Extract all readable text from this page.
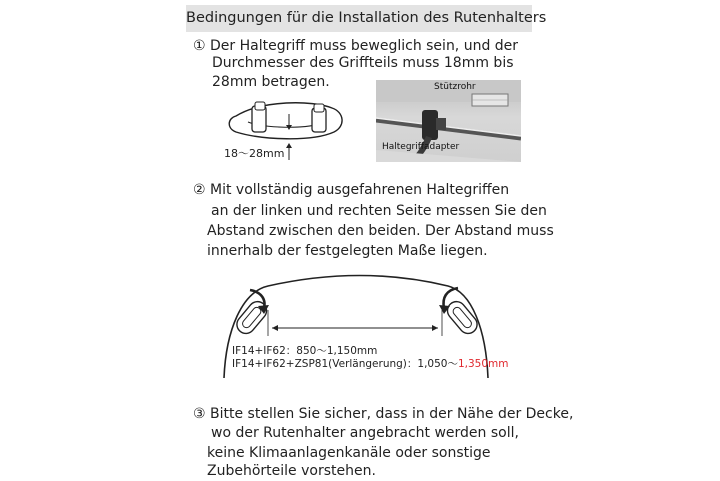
Bedingungen für die Installation des Rutenhalters
① Der Haltegriff muss beweglich sein, und der
Durchmesser des Griffteils muss 18mm bis
28mm betragen.
18～28mm
Stützrohr
Haltegriffadapter
② Mit vollständig ausgefahrenen Haltegriffen
an der linken und rechten Seite messen Sie den
Abstand zwischen den beiden. Der Abstand muss
innerhalb der festgelegten Maße liegen.
IF14+IF62：850～1,150mm
IF14+IF62+ZSP81(Verlängerung)：1,050～1,350mm
③ Bitte stellen Sie sicher, dass in der Nähe der Decke,
wo der Rutenhalter angebracht werden soll,
keine Klimaanlagenkanäle oder sonstige
Zubehörteile vorstehen.
